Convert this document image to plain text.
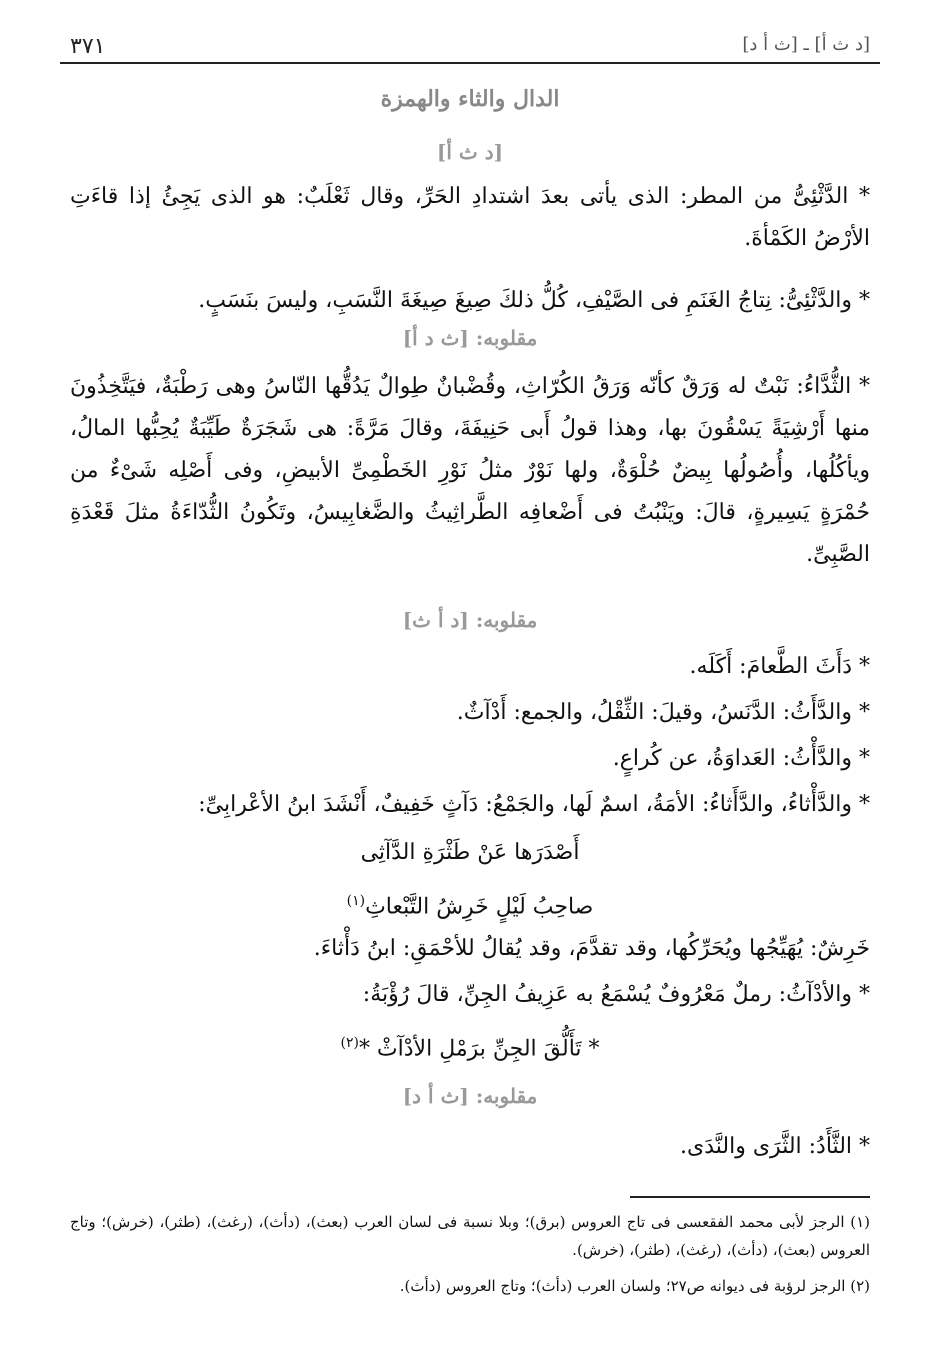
[د ث أ] ـ [ث أ د]
٣٧١
الدال والثاء والهمزة
[د ث أ]
* الدَّثْئِىُّ من المطر: الذى يأتى بعدَ اشتدادِ الحَرِّ، وقال ثَعْلَبٌ: هو الذى يَجِئُ إذا قاءَتِ الأرْضُ الكَمْأةَ.
* والدَّثْئِىُّ: نِتاجُ الغَنَمِ فى الصَّيْفِ، كُلُّ ذلكَ صِيغَ صِيغَةَ النَّسَبِ، وليسَ بنَسَبٍ.
مقلوبه: [ث د أ]
* الثُّدَّاءُ: نَبْتٌ له وَرَقٌ كأنّه وَرَقُ الكُرّاثِ، وقُضْبانٌ طِوالٌ يَدُقُّها النّاسُ وهى رَطْبَةٌ، فيَتَّخِذُونَ منها أَرْشِيَةً يَسْقُونَ بها، وهذا قولُ أَبى حَنِيفَةَ، وقالَ مَرَّةً: هى شَجَرَةٌ طَيِّبَةٌ يُحِبُّها المالُ، ويأكُلُها، وأُصُولُها بِيضٌ حُلْوَةٌ، ولها نَوْرٌ مثلُ نَوْرِ الخَطْمِىِّ الأبيضِ، وفى أَصْلِه شَىْءٌ من حُمْرَةٍ يَسِيرةٍ، قالَ: ويَنْبُتُ فى أَضْعافِه الطَّراثِيثُ والضَّغابِيسُ، وتَكُونُ الثُّدّاءَةُ مثلَ قَعْدَةِ الصَّبِىِّ.
مقلوبه: [د أ ث]
* دَأَثَ الطَّعامَ: أَكَلَه.
* والدَّأَثُ: الدَّنَسُ، وقيلَ: الثِّقْلُ، والجمع: أَدْآثٌ.
* والدَّأْثُ: العَداوَةُ، عن كُراعٍ.
* والدَّأْثاءُ، والدَّأَثاءُ: الأمَةُ، اسمٌ لَها، والجَمْعُ: دَآثٍ خَفِيفٌ، أَنْشَدَ ابنُ الأعْرابِىِّ:
أَصْدَرَها عَنْ طَثْرَةِ الدَّآثِى
صاحِبُ لَيْلٍ خَرِشُ التَّبْعاثِ$^{(١)}$
خَرِشٌ: يُهَيِّجُها ويُحَرِّكُها، وقد تقدَّمَ، وقد يُقالُ للأحْمَقِ: ابنُ دَأْثاءَ.
* والأدْآثُ: رملٌ مَعْرُوفٌ يُسْمَعُ به عَزِيفُ الجِنِّ، قالَ رُؤْبَةُ:
* تَأَلُّقَ الجِنِّ برَمْلِ الأدْآثْ *$^{(٢)}$
مقلوبه: [ث أ د]
* الثَّأَدُ: الثَّرَى والنَّدَى.
(١) الرجز لأبى محمد الفقعسى فى تاج العروس (برق)؛ وبلا نسبة فى لسان العرب (بعث)، (دأث)، (رغث)، (طثر)، (خرش)؛ وتاج العروس (بعث)، (دأث)، (رغث)، (طثر)، (خرش).
(٢) الرجز لرؤبة فى ديوانه ص٢٧؛ ولسان العرب (دأث)؛ وتاج العروس (دأث).
